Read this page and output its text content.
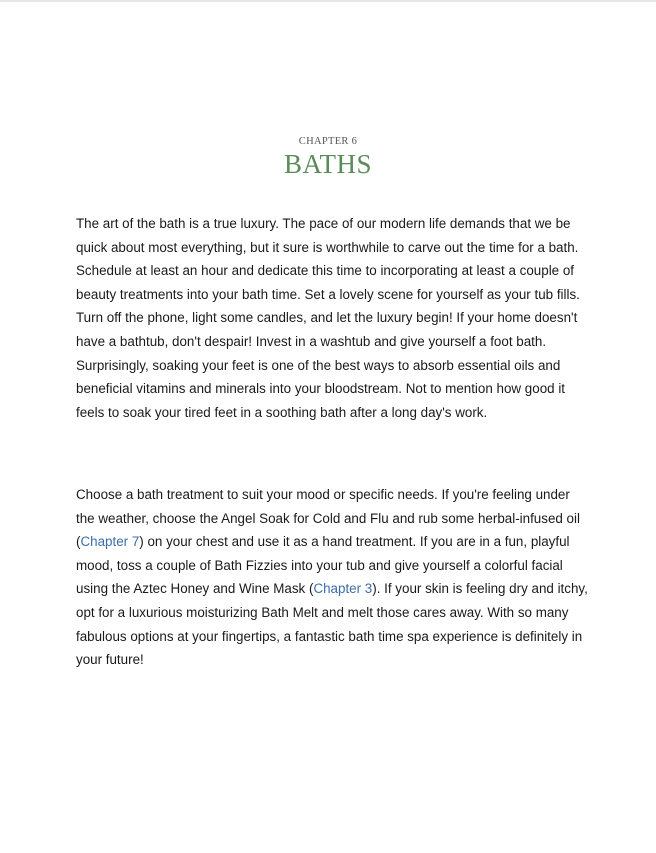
CHAPTER 6
BATHS

The art of the bath is a true luxury. The pace of our modern life demands that we be quick about most everything, but it sure is worthwhile to carve out the time for a bath. Schedule at least an hour and dedicate this time to incorporating at least a couple of beauty treatments into your bath time. Set a lovely scene for yourself as your tub fills. Turn off the phone, light some candles, and let the luxury begin! If your home doesn't have a bathtub, don't despair! Invest in a washtub and give yourself a foot bath. Surprisingly, soaking your feet is one of the best ways to absorb essential oils and beneficial vitamins and minerals into your bloodstream. Not to mention how good it feels to soak your tired feet in a soothing bath after a long day's work.

Choose a bath treatment to suit your mood or specific needs. If you're feeling under the weather, choose the Angel Soak for Cold and Flu and rub some herbal-infused oil (Chapter 7) on your chest and use it as a hand treatment. If you are in a fun, playful mood, toss a couple of Bath Fizzies into your tub and give yourself a colorful facial using the Aztec Honey and Wine Mask (Chapter 3). If your skin is feeling dry and itchy, opt for a luxurious moisturizing Bath Melt and melt those cares away. With so many fabulous options at your fingertips, a fantastic bath time spa experience is definitely in your future!
